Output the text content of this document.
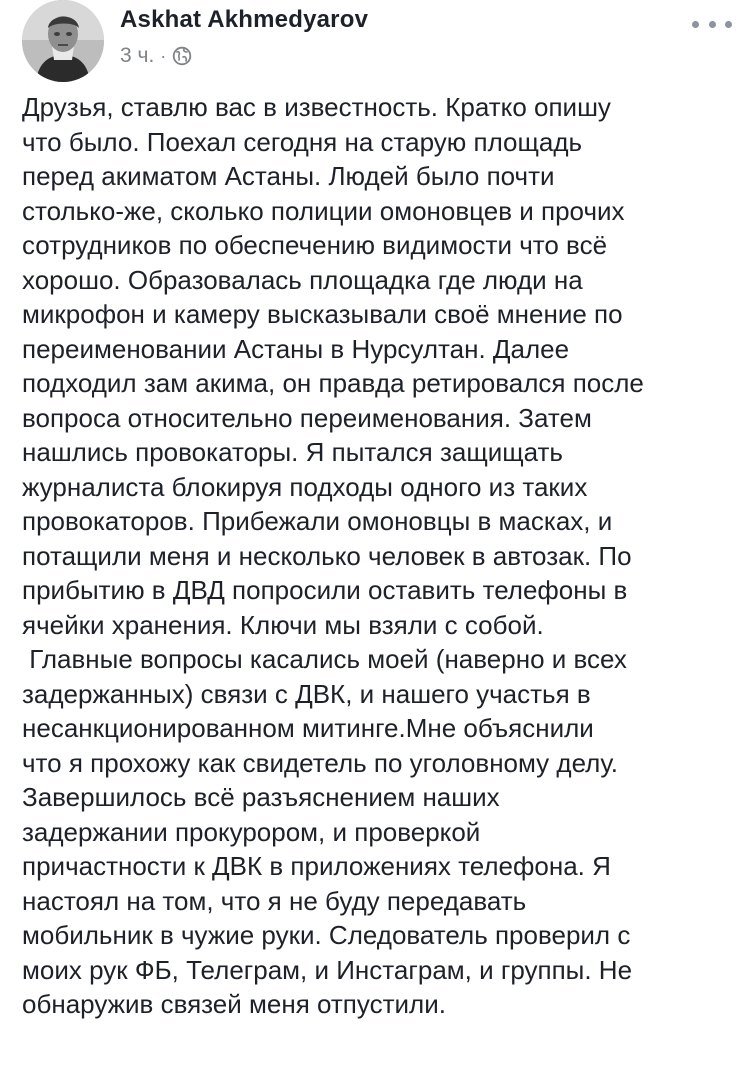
Askhat Akhmedyarov
3 ч. ·
Друзья, ставлю вас в известность. Кратко опишу
что было. Поехал сегодня на старую площадь
перед акиматом Астаны. Людей было почти
столько-же, сколько полиции омоновцев и прочих
сотрудников по обеспечению видимости что всё
хорошо. Образовалась площадка где люди на
микрофон и камеру высказывали своё мнение по
переименовании Астаны в Нурсултан. Далее
подходил зам акима, он правда ретировался после
вопроса относительно переименования. Затем
нашлись провокаторы. Я пытался защищать
журналиста блокируя подходы одного из таких
провокаторов. Прибежали омоновцы в масках, и
потащили меня и несколько человек в автозак. По
прибытию в ДВД попросили оставить телефоны в
ячейки хранения. Ключи мы взяли с собой.
Главные вопросы касались моей (наверно и всех
задержанных) связи с ДВК, и нашего участья в
несанкционированном митинге.Мне объяснили
что я прохожу как свидетель по уголовному делу.
Завершилось всё разъяснением наших
задержании прокурором, и проверкой
причастности к ДВК в приложениях телефона. Я
настоял на том, что я не буду передавать
мобильник в чужие руки. Следователь проверил с
моих рук ФБ, Телеграм, и Инстаграм, и группы. Не
обнаружив связей меня отпустили.
